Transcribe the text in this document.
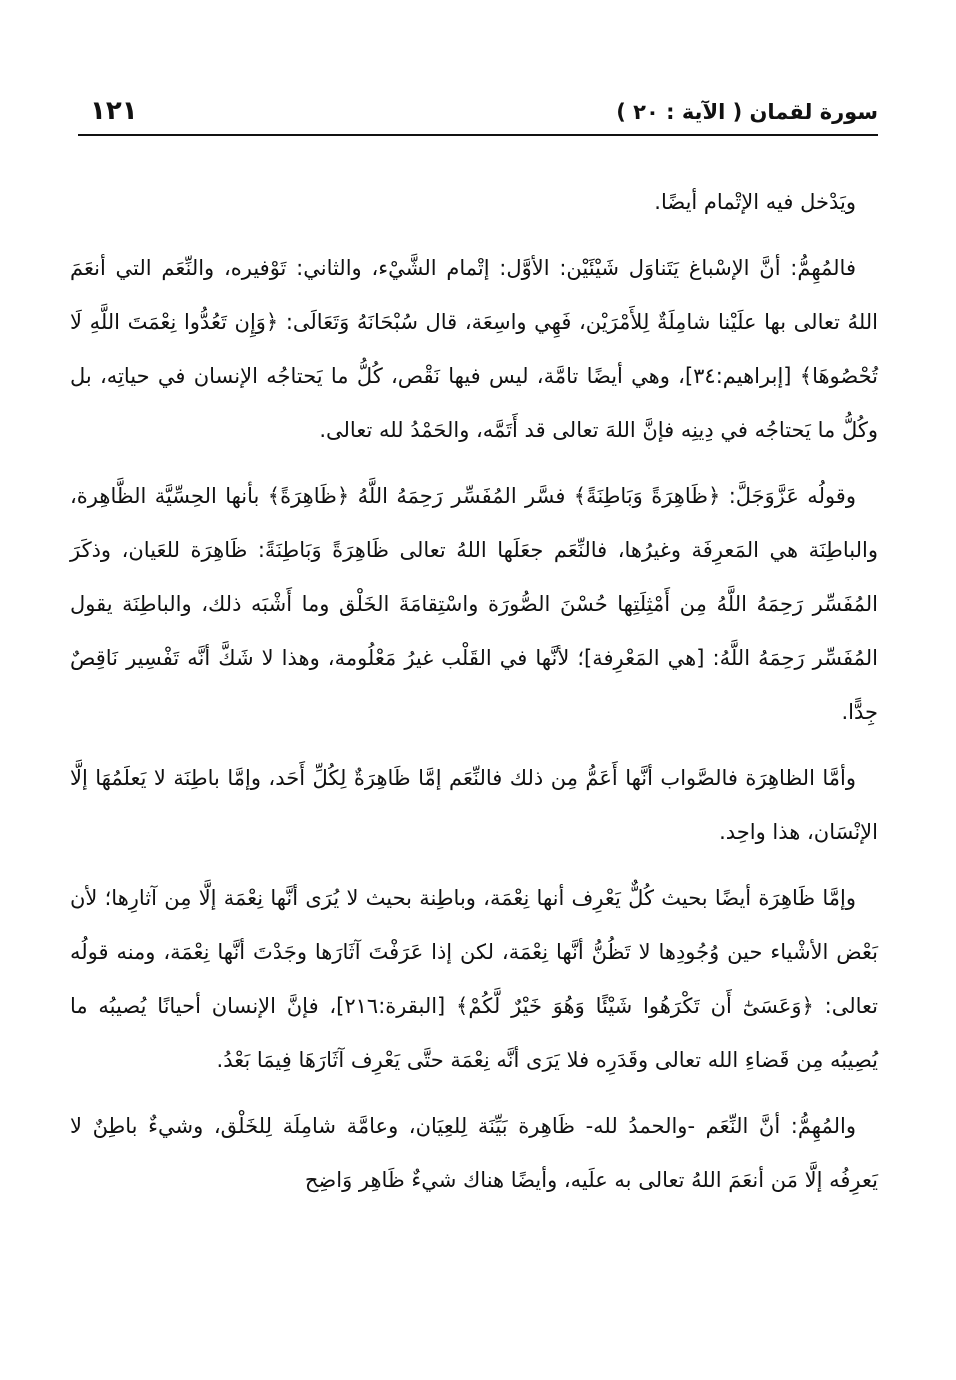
سورة لقمان ( الآية : ٢٠ )
١٢١

ويَدْخل فيه الإتْمام أيضًا.

فالمُهِمُّ: أنَّ الإسْباغ يَتَناوَل شَيْئَيْن: الأوَّل: إتْمام الشَّيْء، والثاني: تَوْفيره، والنِّعَم التي أنعَمَ اللهُ تعالى بها علَيْنا شامِلَةٌ لِلأَمْرَيْن، فَهِي واسِعَة، قال سُبْحَانَهُ وَتَعَالَى: ﴿وَإِن تَعُدُّوا نِعْمَتَ اللَّهِ لَا تُحْصُوهَا﴾ [إبراهيم:٣٤]، وهي أيضًا تامَّة، ليس فيها نَقْص، كُلُّ ما يَحتاجُه الإنسان في حياتِه، بل وكُلُّ ما يَحتاجُه في دِينِه فإنَّ اللهَ تعالى قد أَتَمَّه، والحَمْدُ لله تعالى.

وقولُه عَزَّوَجَلَّ: ﴿ظَاهِرَةً وَبَاطِنَةً﴾ فسَّر المُفَسِّر رَحِمَهُ اللَّهُ ﴿ظَاهِرَةً﴾ بأنها الحِسِّيَّة الظَّاهِرة، والباطِنَة هي المَعرِفَة وغيرُها، فالنِّعَم جعَلَها اللهُ تعالى ظَاهِرَةً وَبَاطِنَةً: ظَاهِرَة للعَيان، وذكَرَ المُفَسِّر رَحِمَهُ اللَّهُ مِن أَمْثِلَتِها حُسْنَ الصُّورَة واسْتِقامَةَ الخَلْق وما أَشْبَه ذلك، والباطِنَة يقول المُفَسِّر رَحِمَهُ اللَّهُ: [هي المَعْرِفة]؛ لأنَّها في القَلْب غيرُ مَعْلُومة، وهذا لا شَكَّ أنَّه تَفْسِير نَاقِصٌ جِدًّا.

وأمَّا الظاهِرَة فالصَّواب أنَّها أَعَمُّ مِن ذلك فالنِّعَم إمَّا ظَاهِرَةٌ لِكُلِّ أَحَد، وإمَّا باطِنَة لا يَعلَمُهَا إلَّا الإنْسَان، هذا واحِد.

وإمَّا ظَاهِرَة أيضًا بحيث كُلٌّ يَعْرِف أنها نِعْمَة، وباطِنة بحيث لا يُرَى أنَّها نِعْمَة إلَّا مِن آثارِها؛ لأن بَعْض الأشْياء حين وُجُودِها لا تَظُنُّ أنَّها نِعْمَة، لكن إذا عَرَفْتَ آثَارَها وجَدْتَ أنَّها نِعْمَة، ومنه قولُه تعالى: ﴿وَعَسَىٰٓ أَن تَكْرَهُوا شَيْئًا وَهُوَ خَيْرٌ لَّكُمْ﴾ [البقرة:٢١٦]، فإنَّ الإنسان أحيانًا يُصيبُه ما يُصِيبُه مِن قَضاءِ الله تعالى وقَدَرِه فلا يَرَى أنَّه نِعْمَة حتَّى يَعْرِف آثَارَهَا فِيمَا بَعْدُ.

والمُهِمُّ: أنَّ النِّعَم -والحمدُ لله- ظَاهِرة بَيِّنَة لِلعِيَان، وعامَّة شامِلَة لِلخَلْق، وشيءٌ باطِنٌ لا يَعرِفُه إلَّا مَن أنعَمَ اللهُ تعالى به علَيه، وأيضًا هناك شيءٌ ظَاهِر وَاضِح
